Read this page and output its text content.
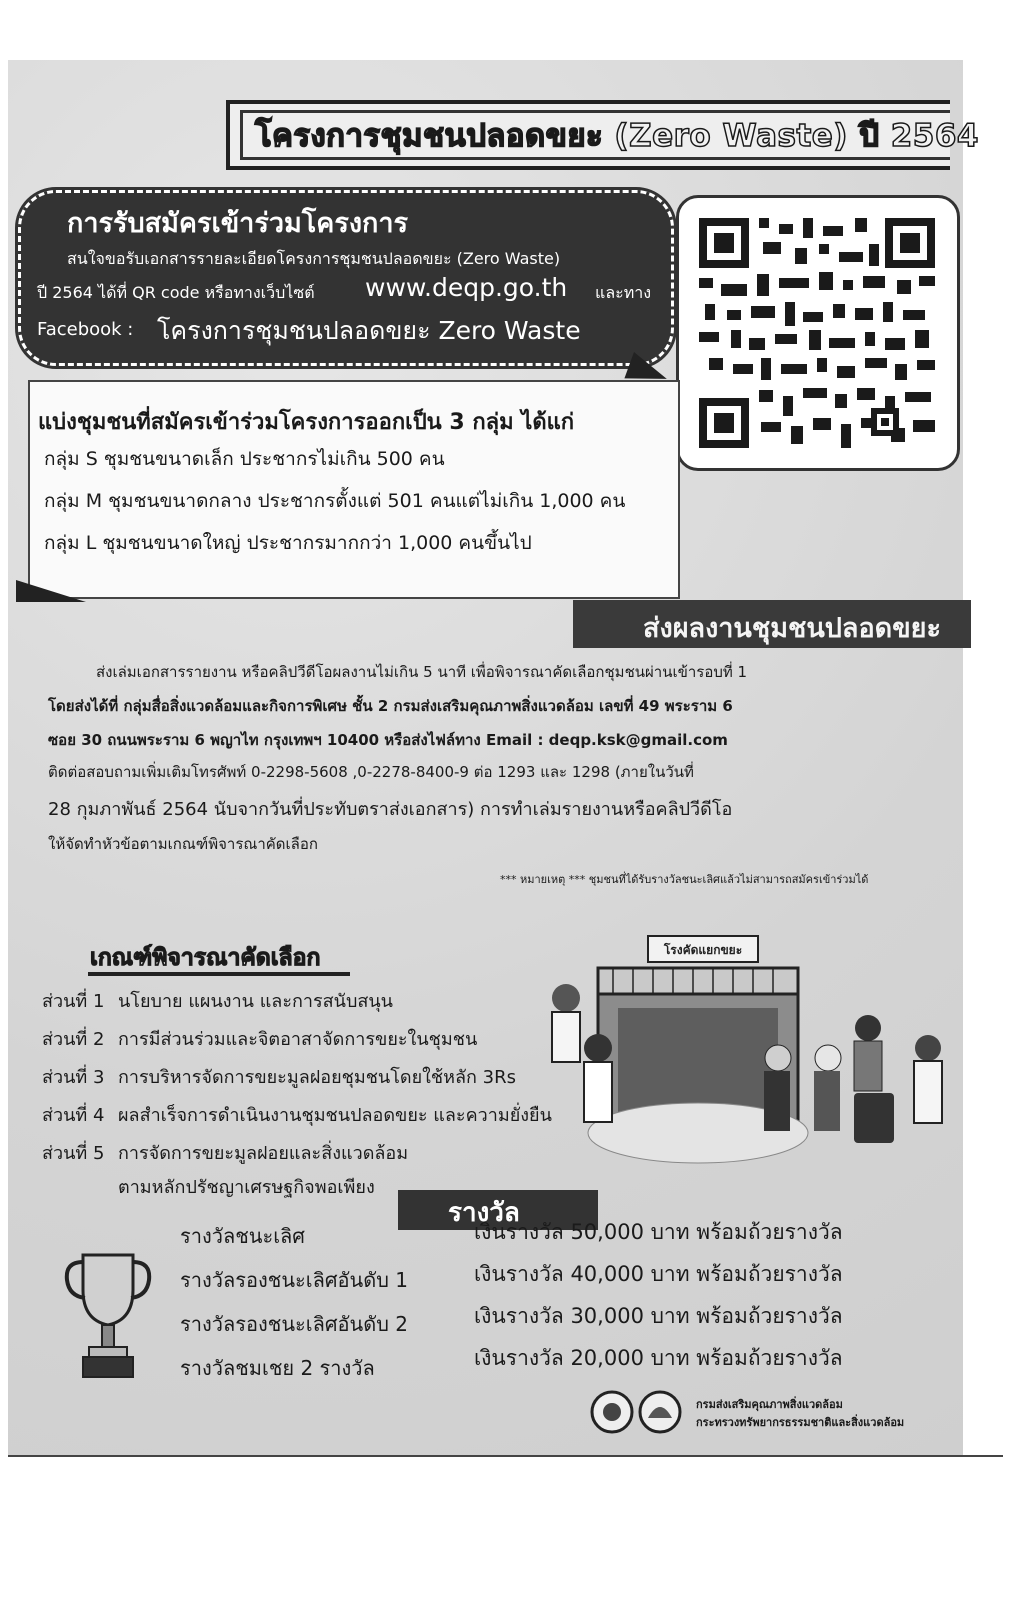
โครงการชุมชนปลอดขยะ (Zero Waste) ปี 2564
การรับสมัครเข้าร่วมโครงการ
สนใจขอรับเอกสารรายละเอียดโครงการชุมชนปลอดขยะ (Zero Waste)
ปี 2564 ได้ที่ QR code หรือทางเว็บไซต์ www.deqp.go.th และทาง
Facebook : โครงการชุมชนปลอดขยะ Zero Waste
แบ่งชุมชนที่สมัครเข้าร่วมโครงการออกเป็น 3 กลุ่ม ได้แก่
กลุ่ม S ชุมชนขนาดเล็ก ประชากรไม่เกิน 500 คน
กลุ่ม M ชุมชนขนาดกลาง ประชากรตั้งแต่ 501 คนแต่ไม่เกิน 1,000 คน
กลุ่ม L ชุมชนขนาดใหญ่ ประชากรมากกว่า 1,000 คนขึ้นไป
ส่งผลงานชุมชนปลอดขยะ
ส่งเล่มเอกสารรายงาน หรือคลิปวีดีโอผลงานไม่เกิน 5 นาที เพื่อพิจารณาคัดเลือกชุมชนผ่านเข้ารอบที่ 1
โดยส่งได้ที่ กลุ่มสื่อสิ่งแวดล้อมและกิจการพิเศษ ชั้น 2 กรมส่งเสริมคุณภาพสิ่งแวดล้อม เลขที่ 49 พระราม 6
ซอย 30 ถนนพระราม 6 พญาไท กรุงเทพฯ 10400 หรือส่งไฟล์ทาง Email : deqp.ksk@gmail.com
ติดต่อสอบถามเพิ่มเติมโทรศัพท์ 0-2298-5608 ,0-2278-8400-9 ต่อ 1293 และ 1298 (ภายในวันที่
28 กุมภาพันธ์ 2564 นับจากวันที่ประทับตราส่งเอกสาร) การทำเล่มรายงานหรือคลิปวีดีโอ
ให้จัดทำหัวข้อตามเกณฑ์พิจารณาคัดเลือก
*** หมายเหตุ *** ชุมชนที่ได้รับรางวัลชนะเลิศแล้วไม่สามารถสมัครเข้าร่วมได้
เกณฑ์พิจารณาคัดเลือก
ส่วนที่ 1 นโยบาย แผนงาน และการสนับสนุน
ส่วนที่ 2 การมีส่วนร่วมและจิตอาสาจัดการขยะในชุมชน
ส่วนที่ 3 การบริหารจัดการขยะมูลฝอยชุมชนโดยใช้หลัก 3Rs
ส่วนที่ 4 ผลสำเร็จการดำเนินงานชุมชนปลอดขยะ และความยั่งยืน
ส่วนที่ 5 การจัดการขยะมูลฝอยและสิ่งแวดล้อม
ตามหลักปรัชญาเศรษฐกิจพอเพียง
โรงคัดแยกขยะ
รางวัล
รางวัลชนะเลิศ	เงินรางวัล 50,000 บาท พร้อมถ้วยรางวัล
รางวัลรองชนะเลิศอันดับ 1	เงินรางวัล 40,000 บาท พร้อมถ้วยรางวัล
รางวัลรองชนะเลิศอันดับ 2	เงินรางวัล 30,000 บาท พร้อมถ้วยรางวัล
รางวัลชมเชย 2 รางวัล	เงินรางวัล 20,000 บาท พร้อมถ้วยรางวัล
กรมส่งเสริมคุณภาพสิ่งแวดล้อม
กระทรวงทรัพยากรธรรมชาติและสิ่งแวดล้อม
